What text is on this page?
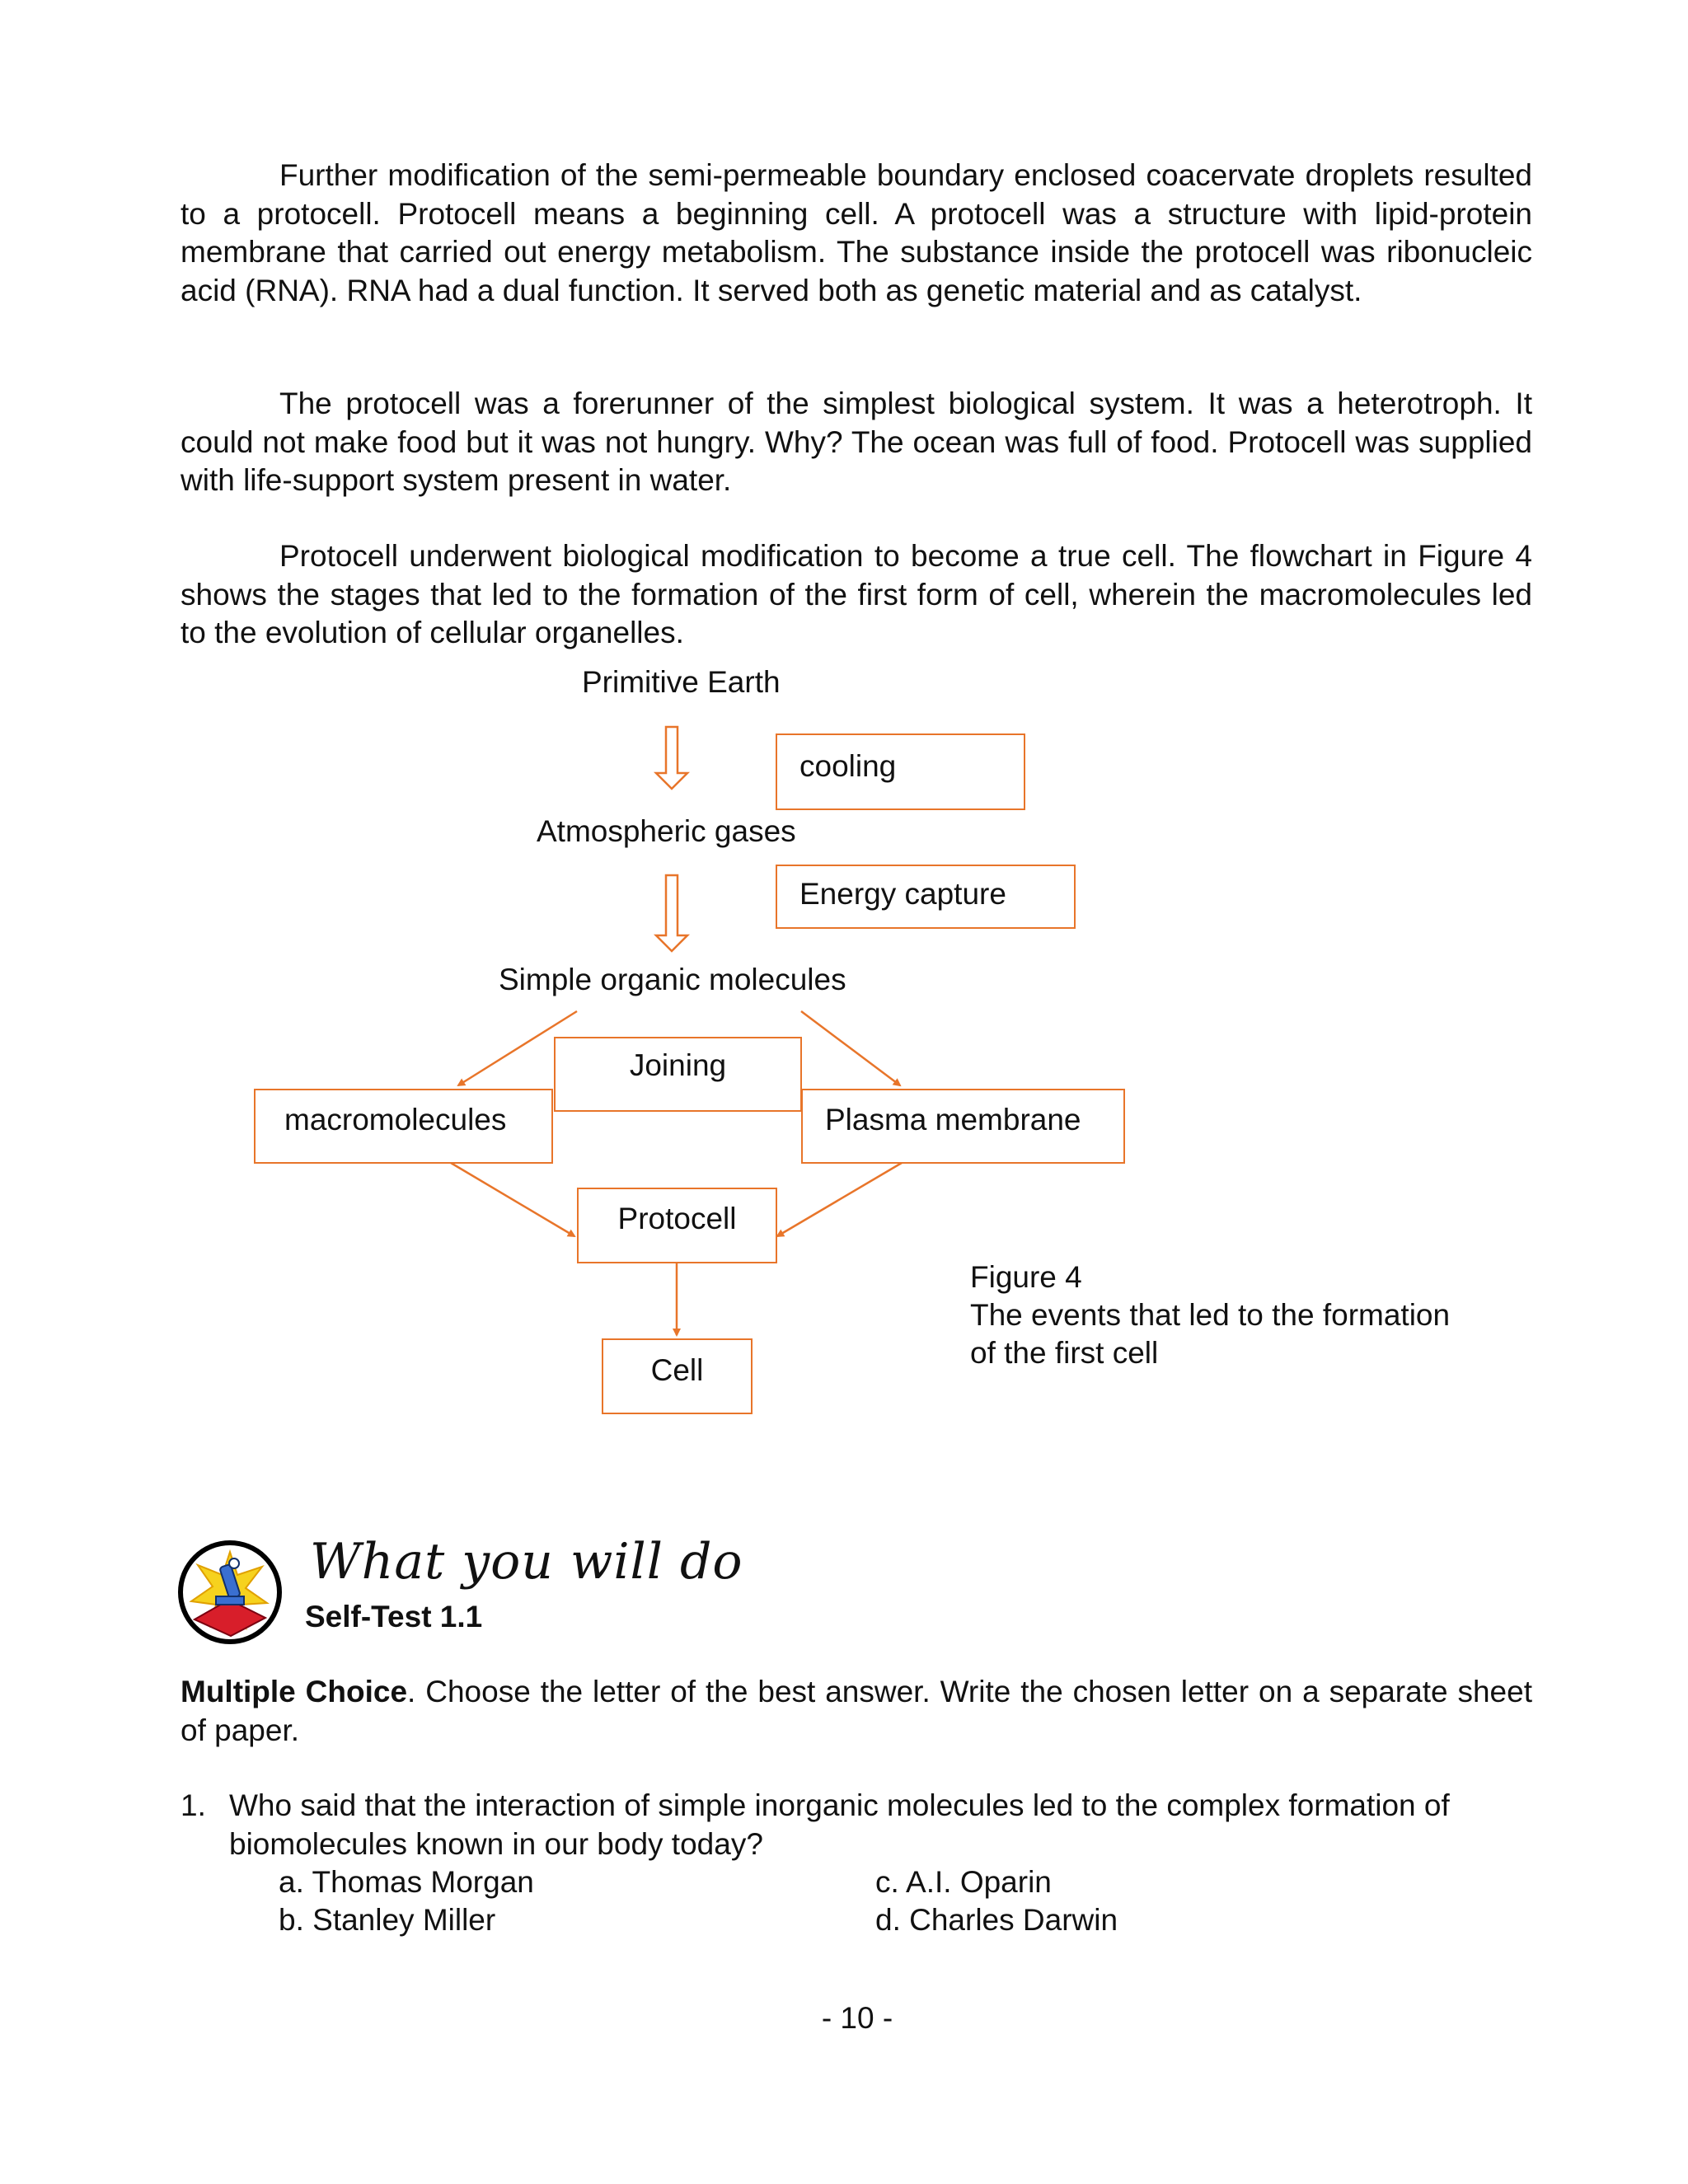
Further modification of the semi-permeable boundary enclosed coacervate droplets resulted to a protocell. Protocell means a beginning cell. A protocell was a structure with lipid-protein membrane that carried out energy metabolism. The substance inside the protocell was ribonucleic acid (RNA). RNA had a dual function. It served both as genetic material and as catalyst.

The protocell was a forerunner of the simplest biological system. It was a heterotroph. It could not make food but it was not hungry. Why? The ocean was full of food. Protocell was supplied with life-support system present in water.

Protocell underwent biological modification to become a true cell. The flowchart in Figure 4 shows the stages that led to the formation of the first form of cell, wherein the macromolecules led to the evolution of cellular organelles.

Primitive Earth
cooling
Atmospheric gases
Energy capture
Simple organic molecules
Joining
macromolecules	Plasma membrane
Protocell
Cell
Figure 4
The events that led to the formation
of the first cell
What you will do
Self-Test 1.1

Multiple Choice. Choose the letter of the best answer. Write the chosen letter on a separate sheet of paper.

1. Who said that the interaction of simple inorganic molecules led to the complex formation of biomolecules known in our body today?
a. Thomas Morgan
b. Stanley Miller
c. A.I. Oparin
d. Charles Darwin
- 10 -
